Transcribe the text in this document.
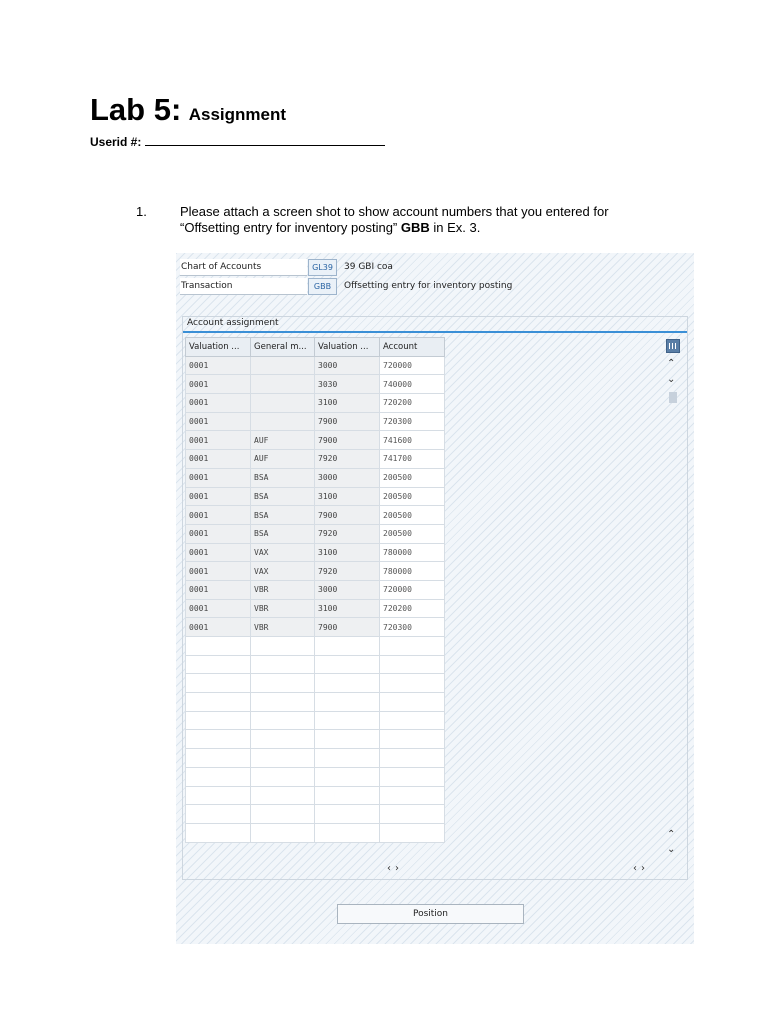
Lab 5: Assignment
Userid #:
1.	Please attach a screen shot to show account numbers that you entered for
“Offsetting entry for inventory posting” GBB in Ex. 3.
Chart of Accounts	GL39	39 GBI coa
Transaction	GBB	Offsetting entry for inventory posting
Account assignment
Valuation ...	General m...	Valuation ...	Account
0001		3000	720000
0001		3030	740000
0001		3100	720200
0001		7900	720300
0001	AUF	7900	741600
0001	AUF	7920	741700
0001	BSA	3000	200500
0001	BSA	3100	200500
0001	BSA	7900	200500
0001	BSA	7920	200500
0001	VAX	3100	780000
0001	VAX	7920	780000
0001	VBR	3000	720000
0001	VBR	3100	720200
0001	VBR	7900	720300

⌃
⌄
⌃
⌄
‹›	‹›
Position
